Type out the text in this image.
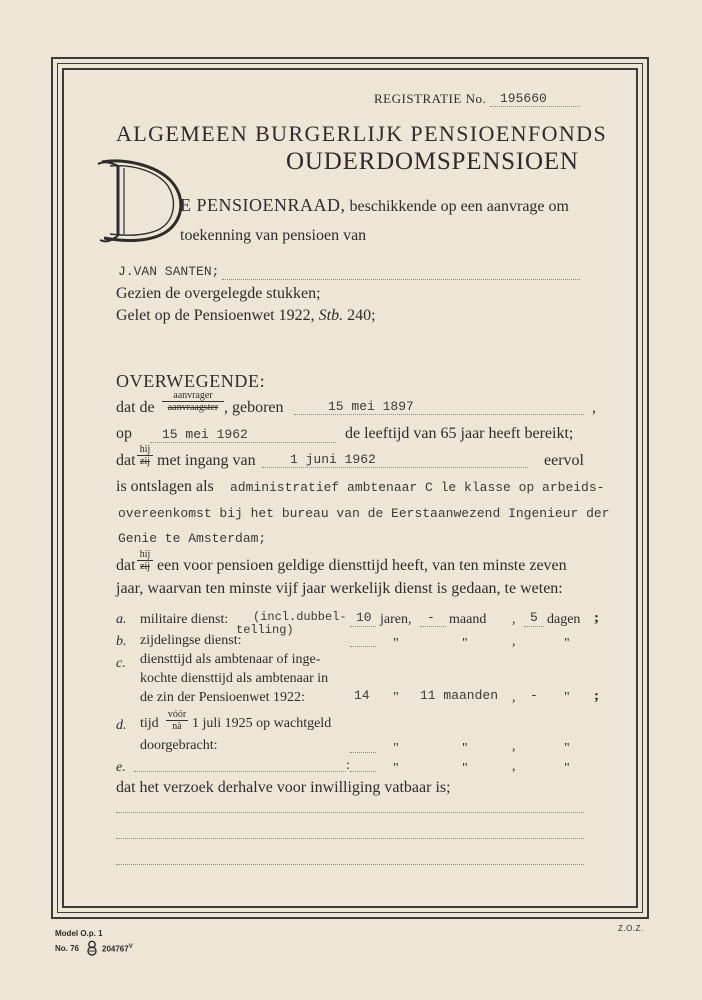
REGISTRATIE No. 195660
ALGEMEEN BURGERLIJK PENSIOENFONDS
OUDERDOMSPENSIOEN
E PENSIOENRAAD, beschikkende op een aanvrage om
toekenning van pensioen van
J.VAN SANTEN;
Gezien de overgelegde stukken;
Gelet op de Pensioenwet 1922, Stb. 240;
OVERWEGENDE:
dat de
aanvrager
aanvraagster , geboren	15 mei 1897	,
op 15 mei 1962	de leeftijd van 65 jaar heeft bereikt;
dat
hij
zij met ingang van	1 juni 1962	eervol
is ontslagen als administratief ambtenaar C le klasse op arbeids-
overeenkomst bij het bureau van de Eerstaanwezend Ingenieur der
Genie te Amsterdam;
dat
hij
zij een voor pensioen geldige diensttijd heeft, van ten minste zeven
jaar, waarvan ten minste vijf jaar werkelijk dienst is gedaan, te weten:
a. militaire dienst: (incl.dubbel-
telling)
10 jaren, - maand , 5 dagen ;
b. zijdelingse dienst:	"	"	,	"
c. diensttijd als ambtenaar of inge-
kochte diensttijd als ambtenaar in
de zin der Pensioenwet 1922:	14 " 11 maanden , - " ;
d. tijd
vóór
nà 1 juli 1925 op wachtgeld
doorgebracht:	"	"	,	"
e.	:	"	"	,	"
dat het verzoek derhalve voor inwilliging vatbaar is;
Model O.p. 1
No. 76	$204767^V$
Z.O.Z.
